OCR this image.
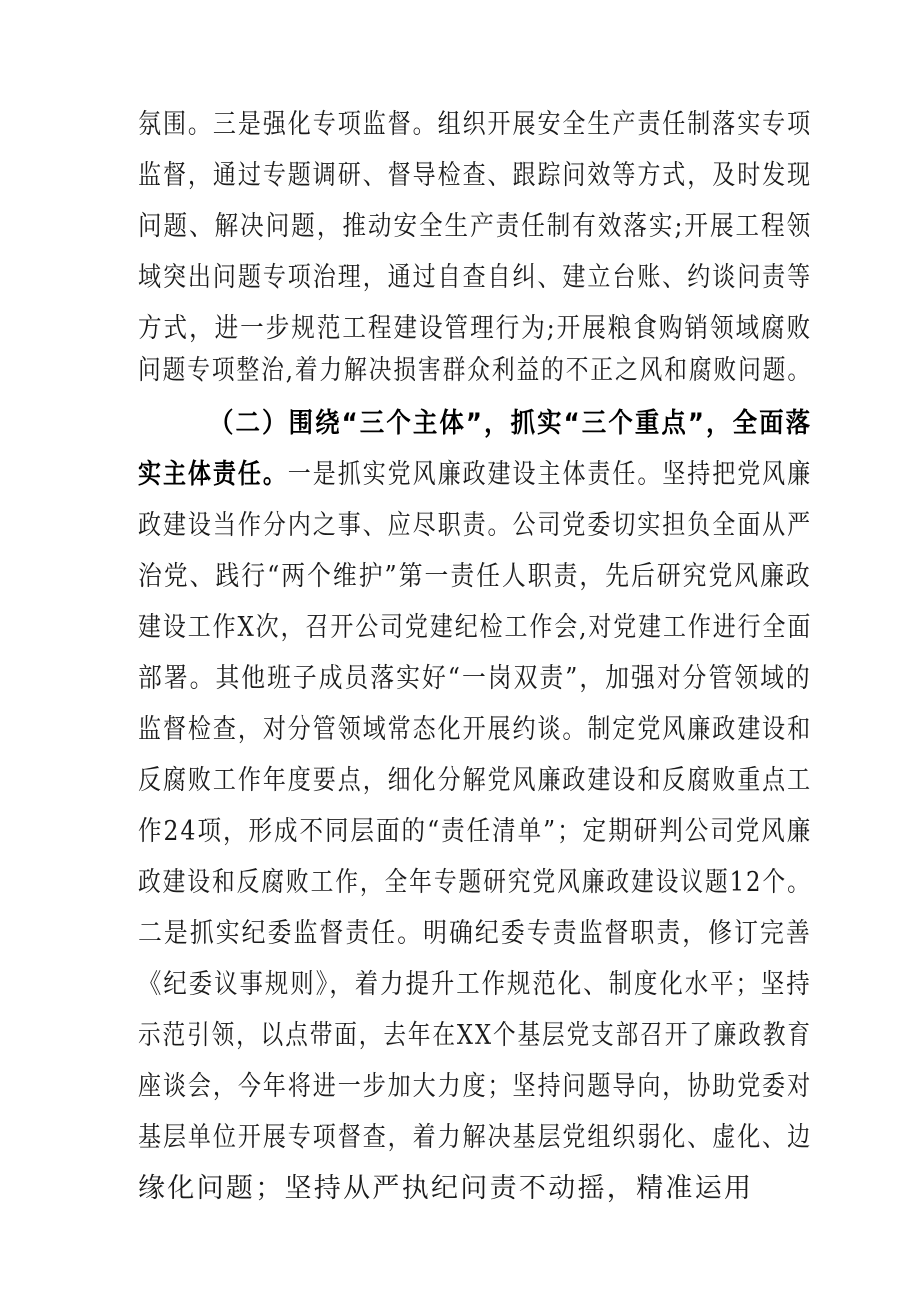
氛围。三是强化专项监督。组织开展安全生产责任制落实专项
监督，通过专题调研、督导检查、跟踪问效等方式，及时发现
问题、解决问题，推动安全生产责任制有效落实;开展工程领
域突出问题专项治理，通过自查自纠、建立台账、约谈问责等
方式，进一步规范工程建设管理行为;开展粮食购销领域腐败
问题专项整治,着力解决损害群众利益的不正之风和腐败问题。
（二）围绕“三个主体”，抓实“三个重点”，全面落
实主体责任。一是抓实党风廉政建设主体责任。坚持把党风廉
政建设当作分内之事、应尽职责。公司党委切实担负全面从严
治党、践行“两个维护”第一责任人职责，先后研究党风廉政
建设工作X次，召开公司党建纪检工作会,对党建工作进行全面
部署。其他班子成员落实好“一岗双责”，加强对分管领域的
监督检查，对分管领域常态化开展约谈。制定党风廉政建设和
反腐败工作年度要点，细化分解党风廉政建设和反腐败重点工
作24项，形成不同层面的“责任清单”；定期研判公司党风廉
政建设和反腐败工作，全年专题研究党风廉政建设议题12个。
二是抓实纪委监督责任。明确纪委专责监督职责，修订完善
《纪委议事规则》，着力提升工作规范化、制度化水平；坚持
示范引领，以点带面，去年在XX个基层党支部召开了廉政教育
座谈会，今年将进一步加大力度；坚持问题导向，协助党委对
基层单位开展专项督查，着力解决基层党组织弱化、虚化、边
缘化问题；坚持从严执纪问责不动摇，精准运用
